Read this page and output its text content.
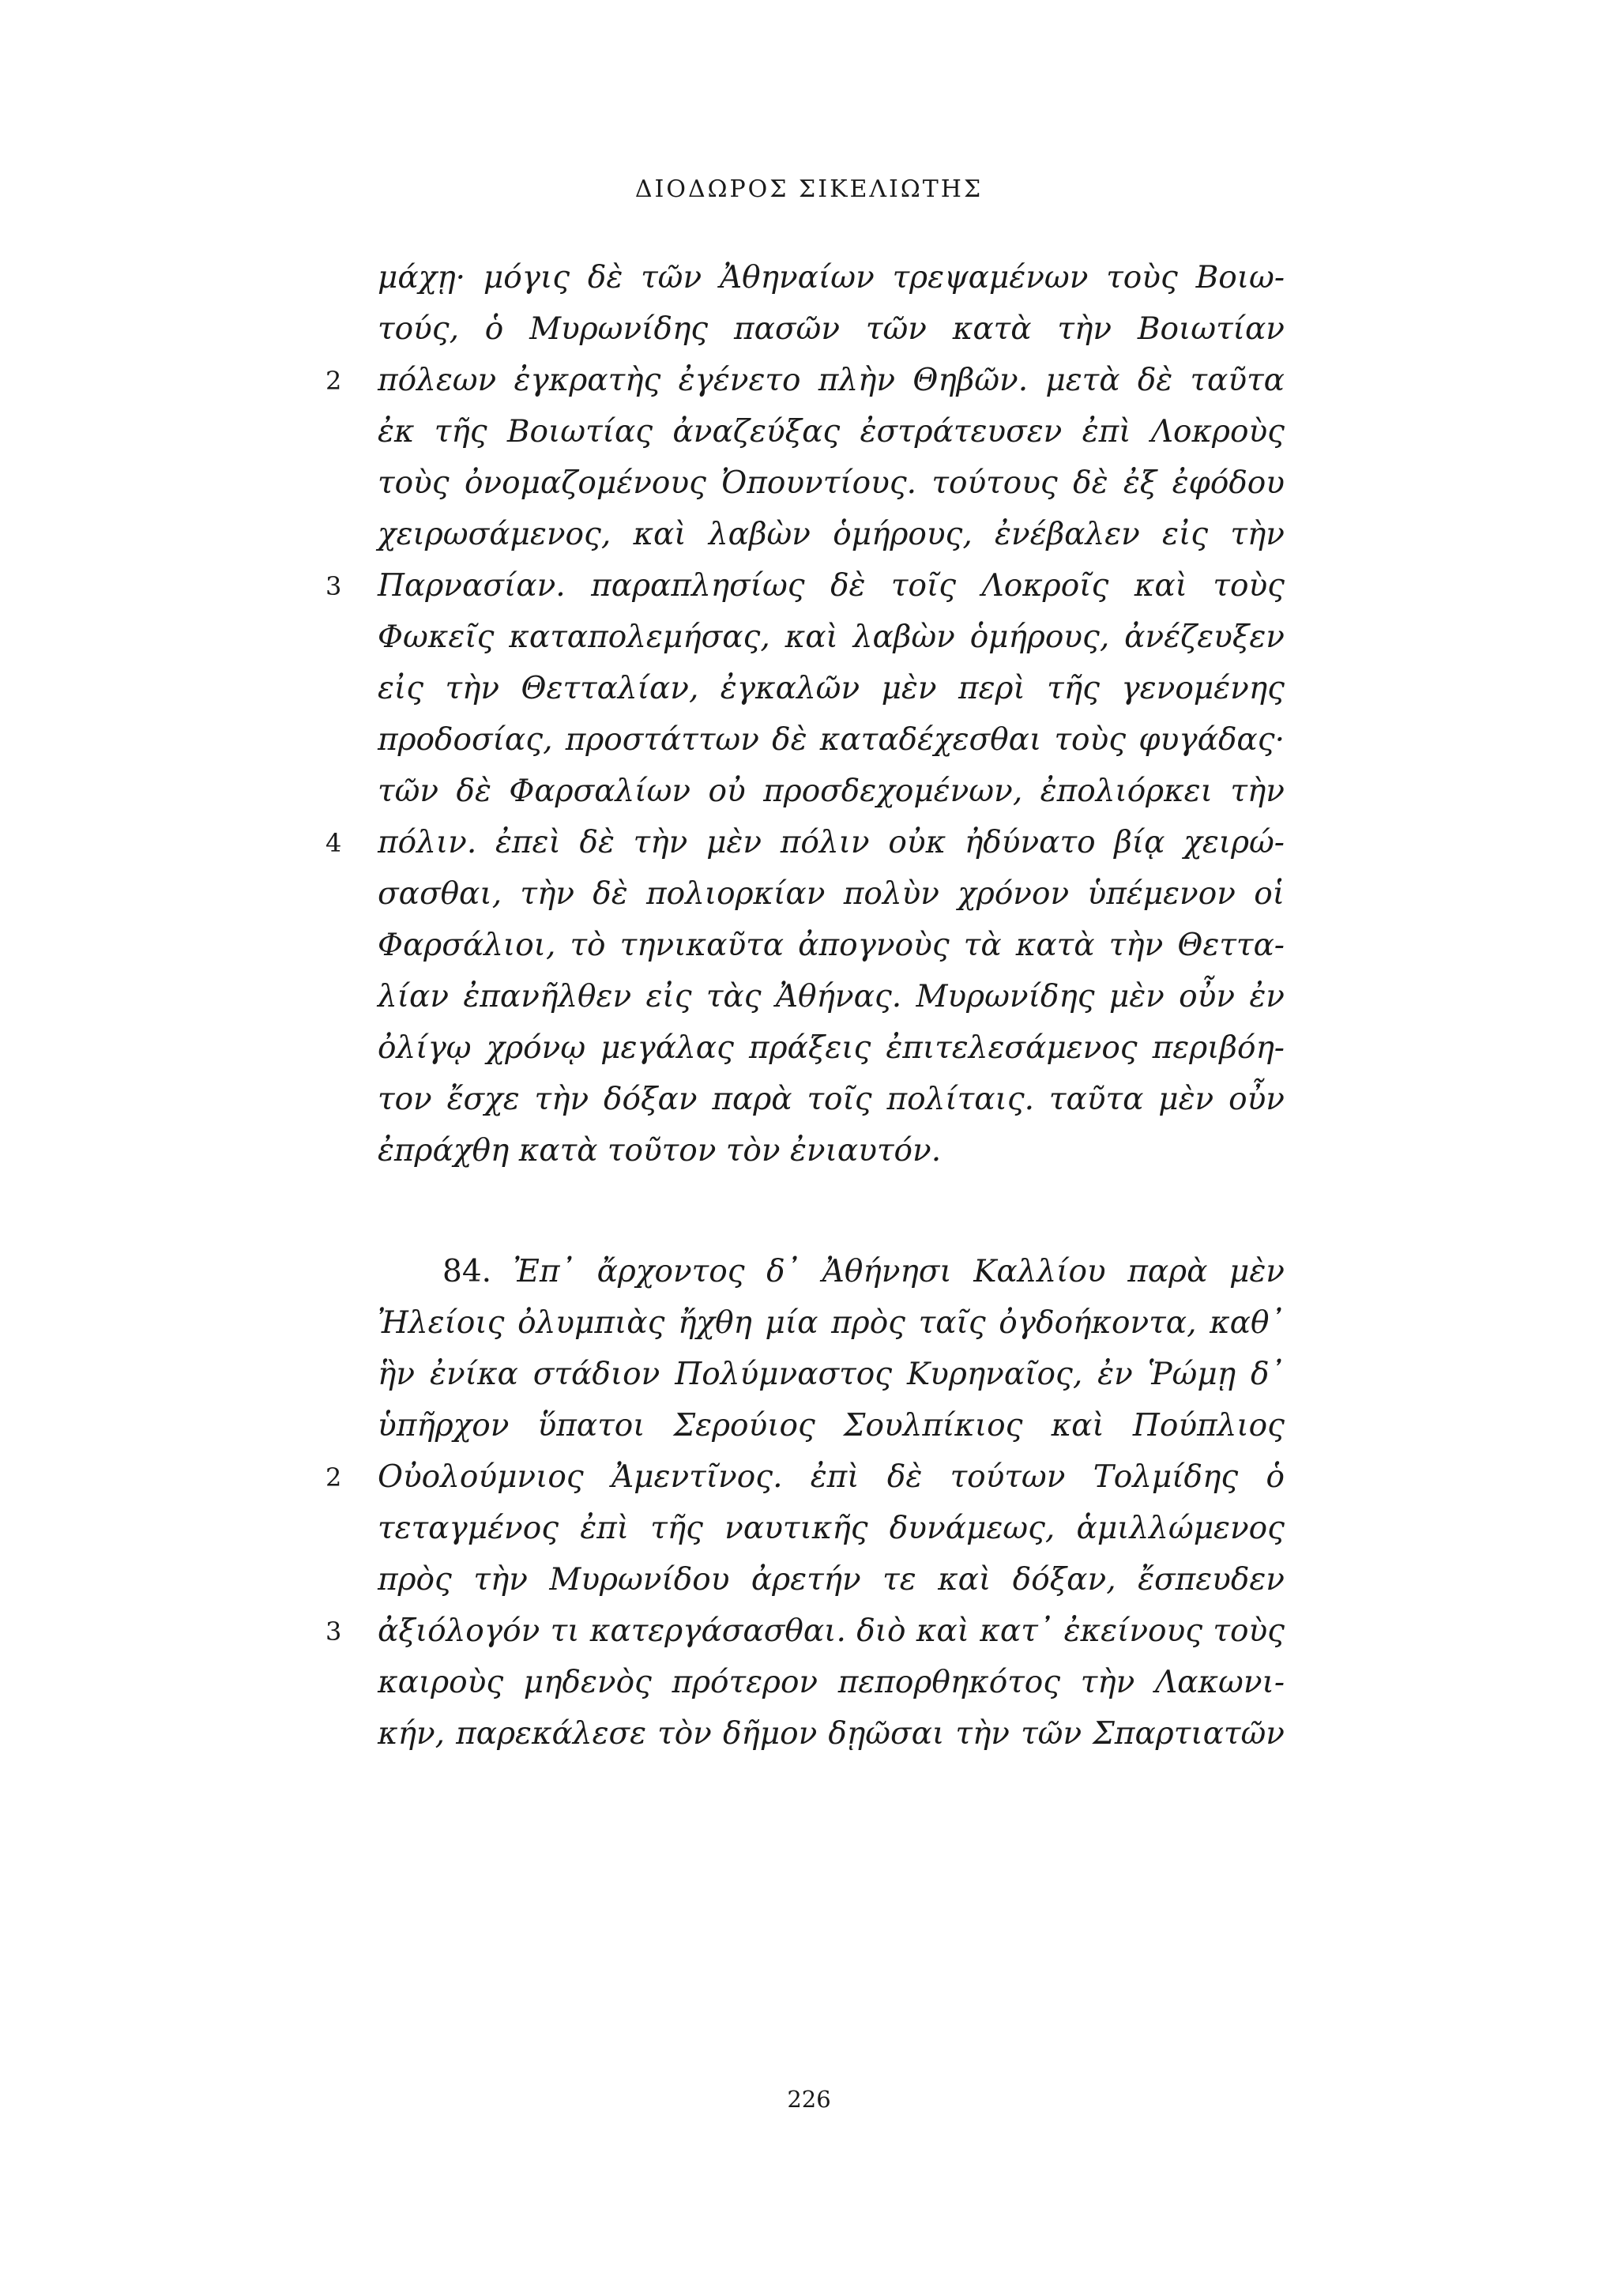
ΔΙΟΔΩΡΟΣ ΣΙΚΕΛΙΩΤΗΣ
μάχῃ· μόγις δὲ τῶν Ἀθηναίων τρεψαμένων τοὺς Βοιω-
τούς, ὁ Μυρωνίδης πασῶν τῶν κατὰ τὴν Βοιωτίαν
2	πόλεων ἐγκρατὴς ἐγένετο πλὴν Θηβῶν. μετὰ δὲ ταῦτα
ἐκ τῆς Βοιωτίας ἀναζεύξας ἐστράτευσεν ἐπὶ Λοκροὺς
τοὺς ὀνομαζομένους Ὀπουντίους. τούτους δὲ ἐξ ἐφόδου
χειρωσάμενος, καὶ λαβὼν ὁμήρους, ἐνέβαλεν εἰς τὴν
3	Παρνασίαν. παραπλησίως δὲ τοῖς Λοκροῖς καὶ τοὺς
Φωκεῖς καταπολεμήσας, καὶ λαβὼν ὁμήρους, ἀνέζευξεν
εἰς τὴν Θετταλίαν, ἐγκαλῶν μὲν περὶ τῆς γενομένης
προδοσίας, προστάττων δὲ καταδέχεσθαι τοὺς φυγάδας·
τῶν δὲ Φαρσαλίων οὐ προσδεχομένων, ἐπολιόρκει τὴν
4	πόλιν. ἐπεὶ δὲ τὴν μὲν πόλιν οὐκ ἠδύνατο βίᾳ χειρώ-
σασθαι, τὴν δὲ πολιορκίαν πολὺν χρόνον ὑπέμενον οἱ
Φαρσάλιοι, τὸ τηνικαῦτα ἀπογνοὺς τὰ κατὰ τὴν Θεττα-
λίαν ἐπανῆλθεν εἰς τὰς Ἀθήνας. Μυρωνίδης μὲν οὖν ἐν
ὀλίγῳ χρόνῳ μεγάλας πράξεις ἐπιτελεσάμενος περιβόη-
τον ἔσχε τὴν δόξαν παρὰ τοῖς πολίταις. ταῦτα μὲν οὖν
ἐπράχθη κατὰ τοῦτον τὸν ἐνιαυτόν.
84. Ἐπ᾿ ἄρχοντος δ᾿ Ἀθήνησι Καλλίου παρὰ μὲν
Ἠλείοις ὀλυμπιὰς ἤχθη μία πρὸς ταῖς ὀγδοήκοντα, καθ᾿
ἣν ἐνίκα στάδιον Πολύμναστος Κυρηναῖος, ἐν Ῥώμῃ δ᾿
ὑπῆρχον ὕπατοι Σερούιος Σουλπίκιος καὶ Πούπλιος
2	Οὐολούμνιος Ἀμεντῖνος. ἐπὶ δὲ τούτων Τολμίδης ὁ
τεταγμένος ἐπὶ τῆς ναυτικῆς δυνάμεως, ἁμιλλώμενος
πρὸς τὴν Μυρωνίδου ἀρετήν τε καὶ δόξαν, ἔσπευδεν
3	ἀξιόλογόν τι κατεργάσασθαι. διὸ καὶ κατ᾿ ἐκείνους τοὺς
καιροὺς μηδενὸς πρότερον πεπορθηκότος τὴν Λακωνι-
κήν, παρεκάλεσε τὸν δῆμον δῃῶσαι τὴν τῶν Σπαρτιατῶν
226
